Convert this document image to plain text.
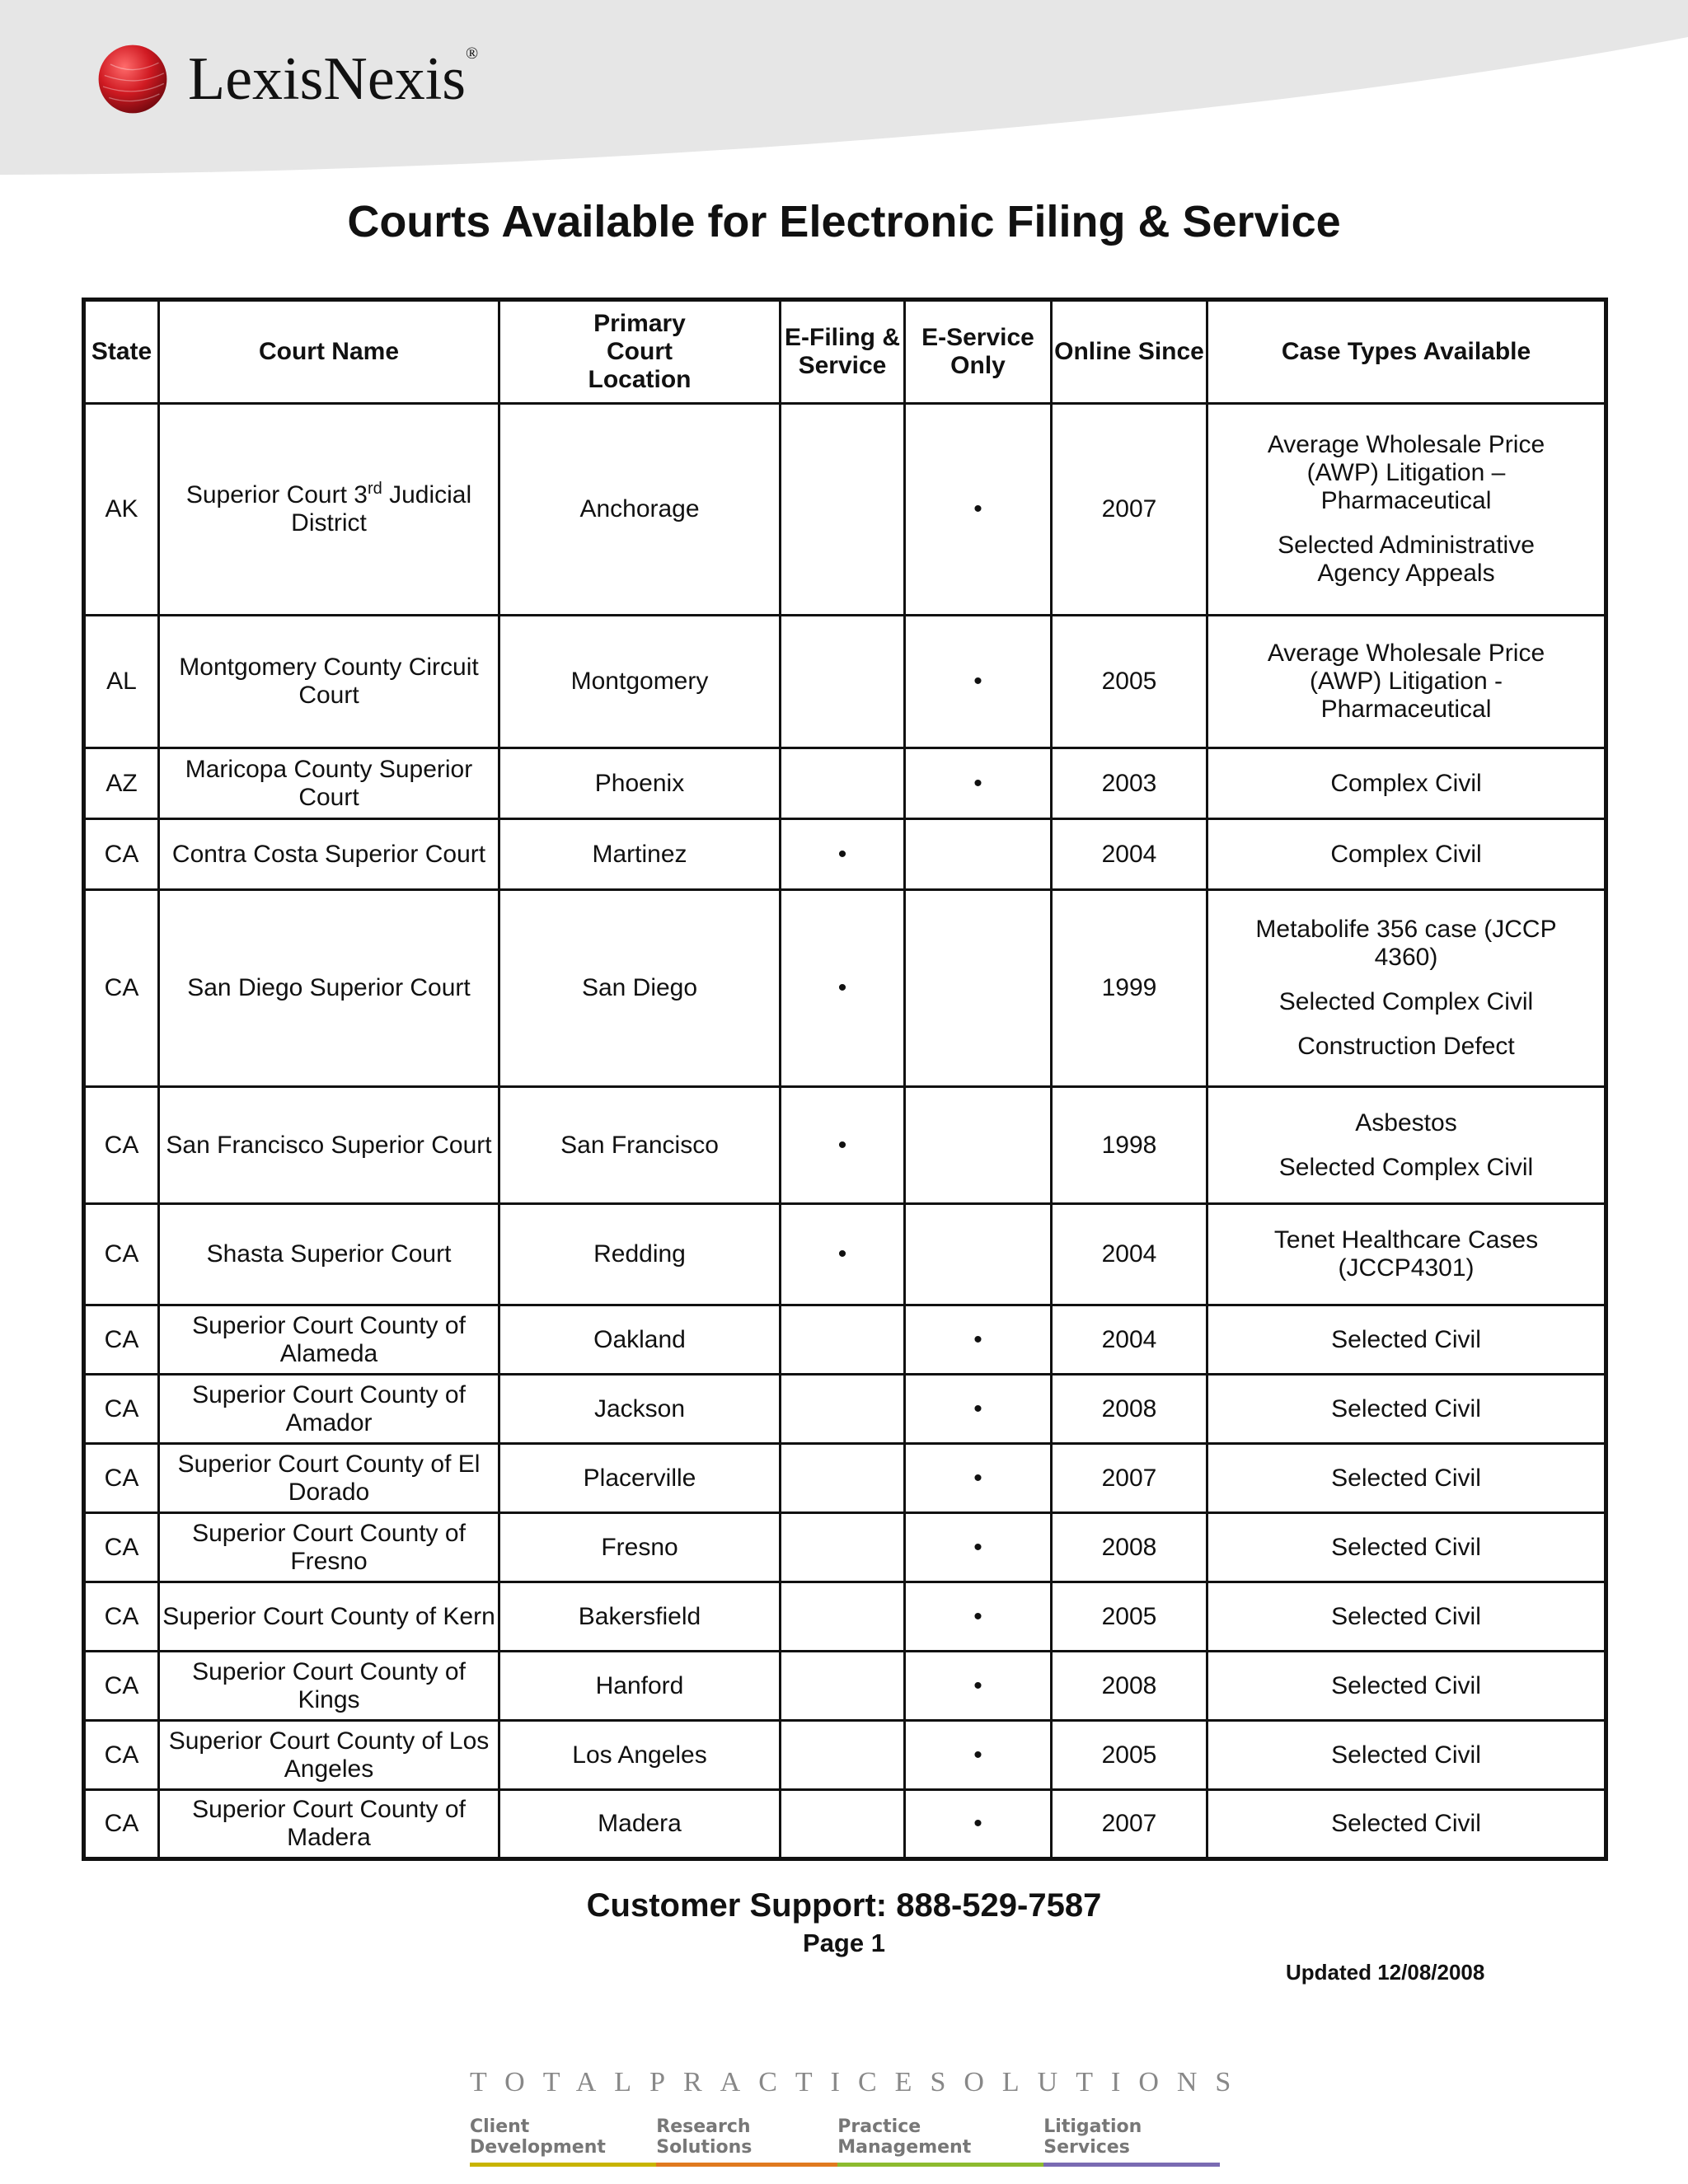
LexisNexis®
Courts Available for Electronic Filing & Service
State	Court Name	Primary Court Location	E-Filing & Service	E-Service Only	Online Since	Case Types Available
AK	Superior Court 3rd Judicial District	Anchorage		•	2007	Average Wholesale Price (AWP) Litigation – Pharmaceutical
Selected Administrative Agency Appeals

AL	Montgomery County Circuit Court	Montgomery		•	2005	Average Wholesale Price (AWP) Litigation - Pharmaceutical

AZ	Maricopa County Superior Court	Phoenix		•	2003	Complex Civil

CA	Contra Costa Superior Court	Martinez	•		2004	Complex Civil

CA	San Diego Superior Court	San Diego	•		1999	Metabolife 356 case (JCCP 4360)
Selected Complex Civil
Construction Defect

CA	San Francisco Superior Court	San Francisco	•		1998	Asbestos
Selected Complex Civil

CA	Shasta Superior Court	Redding	•		2004	Tenet Healthcare Cases (JCCP4301)

CA	Superior Court County of Alameda	Oakland		•	2004	Selected Civil

CA	Superior Court County of Amador	Jackson		•	2008	Selected Civil

CA	Superior Court County of El Dorado	Placerville		•	2007	Selected Civil

CA	Superior Court County of Fresno	Fresno		•	2008	Selected Civil

CA	Superior Court County of Kern	Bakersfield		•	2005	Selected Civil

CA	Superior Court County of Kings	Hanford		•	2008	Selected Civil

CA	Superior Court County of Los Angeles	Los Angeles		•	2005	Selected Civil

CA	Superior Court County of Madera	Madera		•	2007	Selected Civil
Customer Support: 888-529-7587
Page 1
Updated 12/08/2008
TOTAL PRACTICE SOLUTIONS
Client Development
Research Solutions
Practice Management
Litigation Services
